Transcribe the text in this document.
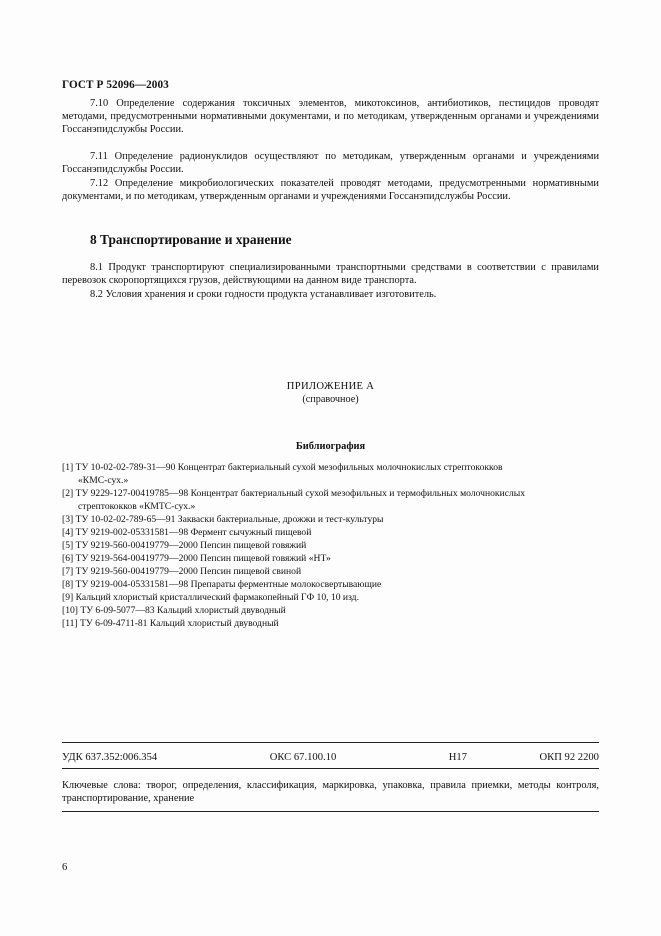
ГОСТ Р 52096—2003

7.10 Определение содержания токсичных элементов, микотоксинов, антибиотиков, пестицидов проводят методами, предусмотренными нормативными документами, и по методикам, утвержденным органами и учреждениями Госсанэпидслужбы России.

7.11 Определение радионуклидов осуществляют по методикам, утвержденным органами и учреждениями Госсанэпидслужбы России.

7.12 Определение микробиологических показателей проводят методами, предусмотренными нормативными документами, и по методикам, утвержденным органами и учреждениями Госсанэпидслужбы России.

8 Транспортирование и хранение

8.1 Продукт транспортируют специализированными транспортными средствами в соответствии с правилами перевозок скоропортящихся грузов, действующими на данном виде транспорта.

8.2 Условия хранения и сроки годности продукта устанавливает изготовитель.

ПРИЛОЖЕНИЕ А
(справочное)
Библиография
[1] ТУ 10-02-02-789-31—90 Концентрат бактериальный сухой мезофильных молочнокислых стрептококков
«КМС-сух.»
[2] ТУ 9229-127-00419785—98 Концентрат бактериальный сухой мезофильных и термофильных молочнокислых
стрептококков «КМТС-сух.»
[3] ТУ 10-02-02-789-65—91 Закваски бактериальные, дрожжи и тест-культуры
[4] ТУ 9219-002-05331581—98 Фермент сычужный пищевой
[5] ТУ 9219-560-00419779—2000 Пепсин пищевой говяжий
[6] ТУ 9219-564-00419779—2000 Пепсин пищевой говяжий «НТ»
[7] ТУ 9219-560-00419779—2000 Пепсин пищевой свиной
[8] ТУ 9219-004-05331581—98 Препараты ферментные молокосвертывающие
[9] Кальций хлористый кристаллический фармакопейный ГФ 10, 10 изд.
[10] ТУ 6-09-5077—83 Кальций хлористый двуводный
[11] ТУ 6-09-4711-81 Кальций хлористый двуводный
УДК 637.352:006.354	ОКС 67.100.10	Н17	ОКП 92 2200
Ключевые слова: творог, определения, классификация, маркировка, упаковка, правила приемки, методы контроля, транспортирование, хранение
6
